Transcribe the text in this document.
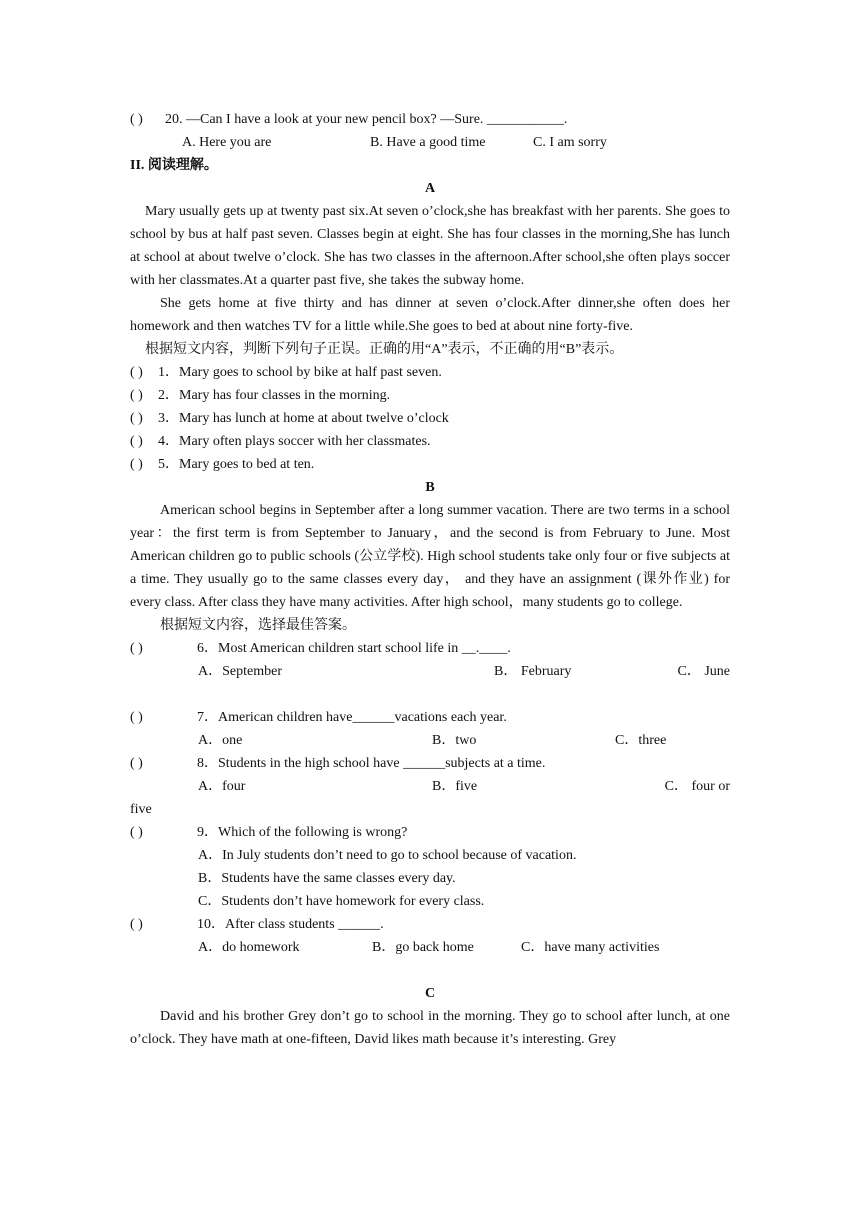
( )	20. —Can I have a look at your new pencil box? —Sure. ___________.
A. Here you are	B. Have a good time	C. I am sorry
II. 阅读理解。
A
Mary usually gets up at twenty past six.At seven o’clock,she has breakfast with her parents. She goes to school by bus at half past seven. Classes begin at eight. She has four classes in the morning,She has lunch at school at about twelve o’clock. She has two classes in the afternoon.After school,she often plays soccer with her classmates.At a quarter past five, she takes the subway home.
She gets home at five thirty and has dinner at seven o’clock.After dinner,she often does her homework and then watches TV for a little while.She goes to bed at about nine forty-five.
根据短文内容，判断下列句子正误。正确的用“A”表示，不正确的用“B”表示。
( )	1．Mary goes to school by bike at half past seven.
( )	2．Mary has four classes in the morning.
( )	3．Mary has lunch at home at about twelve o’clock
( )	4．Mary often plays soccer with her classmates.
( )	5．Mary goes to bed at ten.
B
American school begins in September after a long summer vacation. There are two terms in a school year：the first term is from September to January，and the second is from February to June. Most American children go to public schools (公立学校). High school students take only four or five subjects at a time. They usually go to the same classes every day， and they have an assignment (课外作业) for every class. After class they have many activities. After high school，many students go to college.
根据短文内容，选择最佳答案。
( )	6．Most American children start school life in __.____.
A．September	B． February	C． June
( )	7．American children have______vacations each year.
A．one	B．two	C．three
( )	8．Students in the high school have ______subjects at a time.
A．four	B．five	C． four or
five
( )	9．Which of the following is wrong?
A．In July students don’t need to go to school because of vacation.
B．Students have the same classes every day.
C．Students don’t have homework for every class.
( )	10．After class students ______.
A．do homework	B．go back home	C．have many activities
C
David and his brother Grey don’t go to school in the morning. They go to school after lunch, at one o’clock. They have math at one-fifteen, David likes math because it’s interesting. Grey
